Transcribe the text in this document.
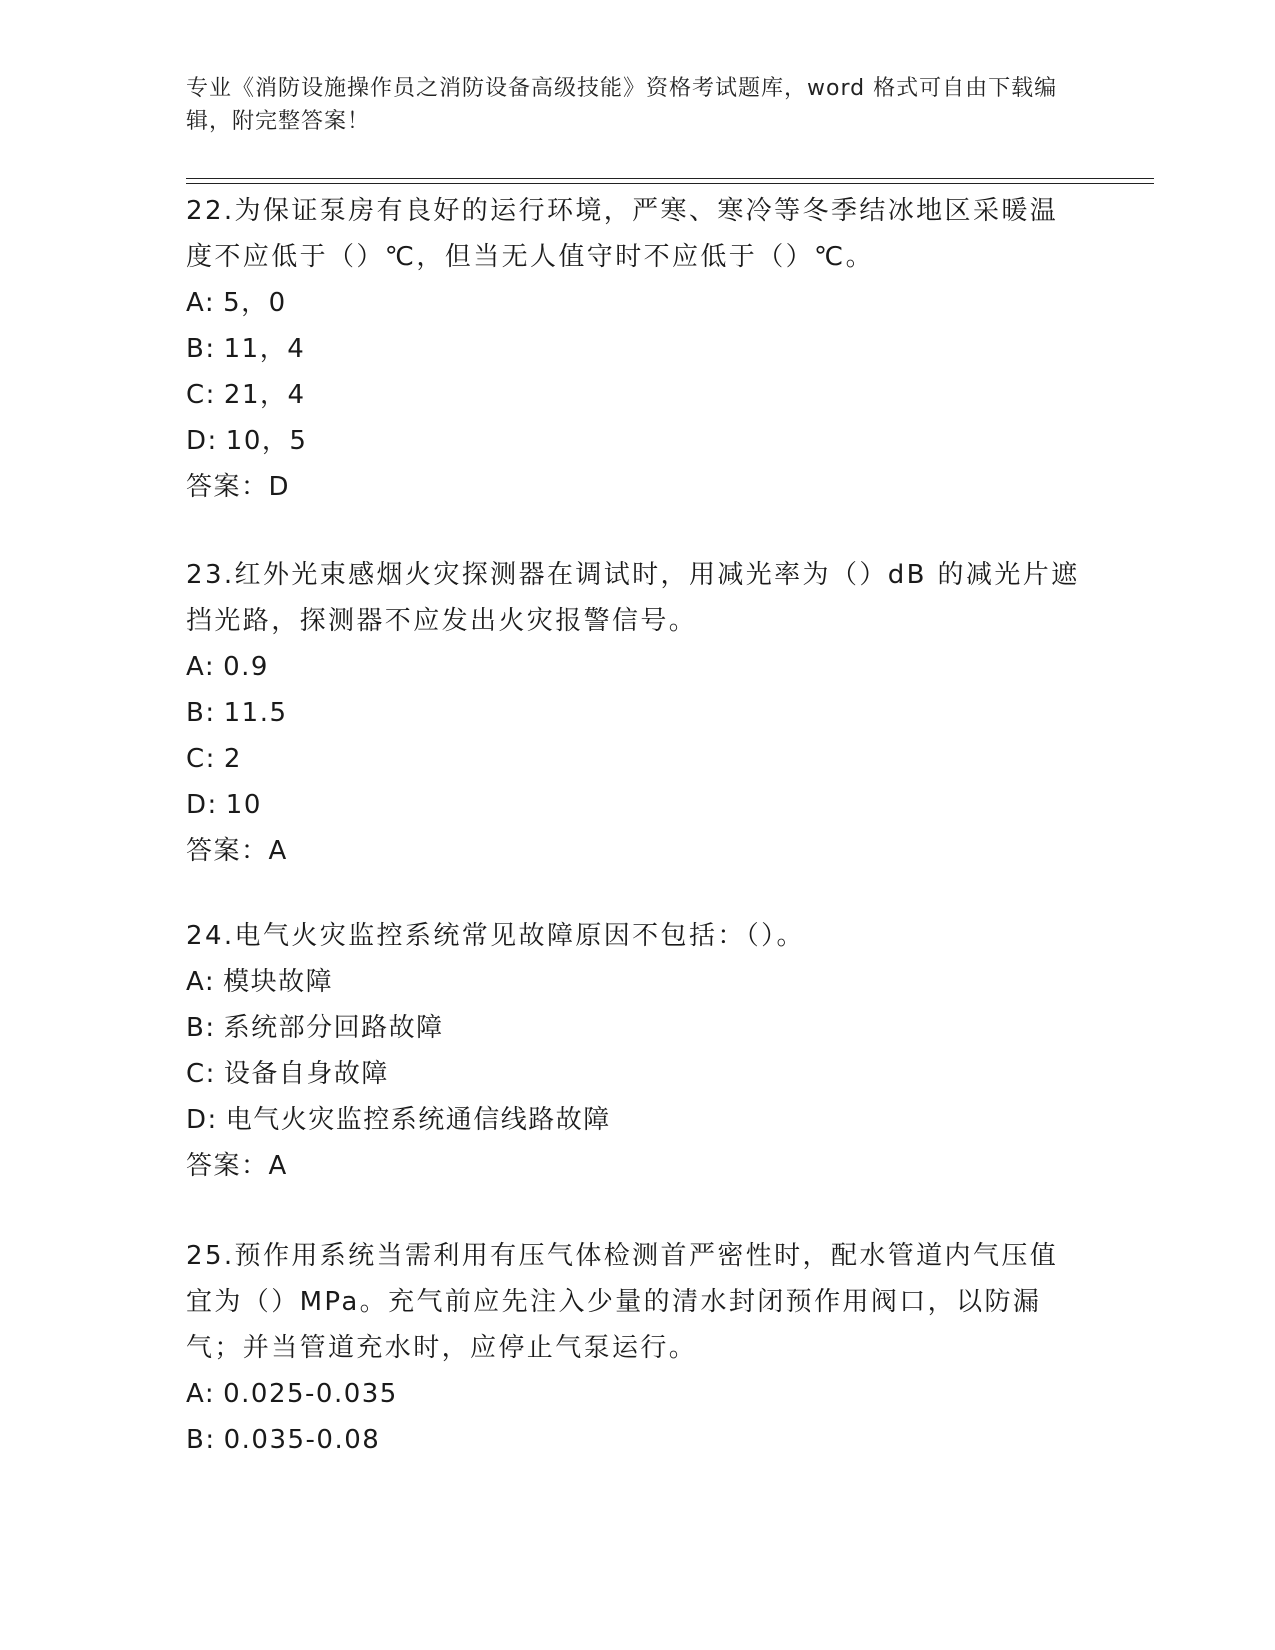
专业《消防设施操作员之消防设备高级技能》资格考试题库，word 格式可自由下载编辑，附完整答案！

22.为保证泵房有良好的运行环境，严寒、寒冷等冬季结冰地区采暖温度不应低于（）℃，但当无人值守时不应低于（）℃。

A: 5，0
B: 11，4
C: 21，4
D: 10，5
答案：D

23.红外光束感烟火灾探测器在调试时，用减光率为（）dB 的减光片遮挡光路，探测器不应发出火灾报警信号。

A: 0.9
B: 11.5
C: 2
D: 10
答案：A

24.电气火灾监控系统常见故障原因不包括：（）。

A: 模块故障
B: 系统部分回路故障
C: 设备自身故障
D: 电气火灾监控系统通信线路故障
答案：A

25.预作用系统当需利用有压气体检测首严密性时，配水管道内气压值宜为（）MPa。充气前应先注入少量的清水封闭预作用阀口，以防漏气；并当管道充水时，应停止气泵运行。

A: 0.025-0.035
B: 0.035-0.08
